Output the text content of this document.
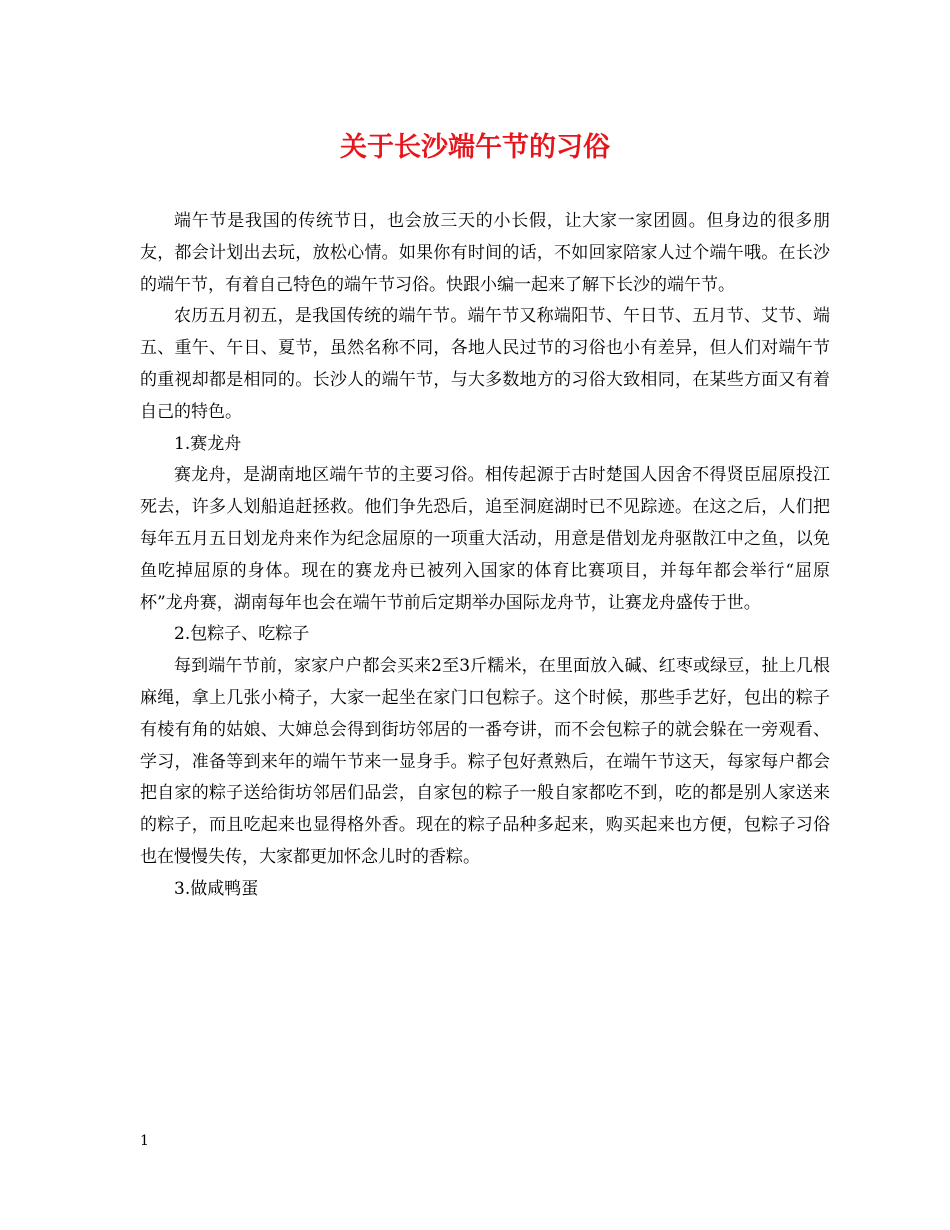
关于长沙端午节的习俗

端午节是我国的传统节日，也会放三天的小长假，让大家一家团圆。但身边的很多朋友，都会计划出去玩，放松心情。如果你有时间的话，不如回家陪家人过个端午哦。在长沙的端午节，有着自己特色的端午节习俗。快跟小编一起来了解下长沙的端午节。

农历五月初五，是我国传统的端午节。端午节又称端阳节、午日节、五月节、艾节、端五、重午、午日、夏节，虽然名称不同，各地人民过节的习俗也小有差异，但人们对端午节的重视却都是相同的。长沙人的端午节，与大多数地方的习俗大致相同，在某些方面又有着自己的特色。

1.赛龙舟

赛龙舟，是湖南地区端午节的主要习俗。相传起源于古时楚国人因舍不得贤臣屈原投江死去，许多人划船追赶拯救。他们争先恐后，追至洞庭湖时已不见踪迹。在这之后，人们把每年五月五日划龙舟来作为纪念屈原的一项重大活动，用意是借划龙舟驱散江中之鱼，以免鱼吃掉屈原的身体。现在的赛龙舟已被列入国家的体育比赛项目，并每年都会举行“屈原杯”龙舟赛，湖南每年也会在端午节前后定期举办国际龙舟节，让赛龙舟盛传于世。

2.包粽子、吃粽子

每到端午节前，家家户户都会买来2至3斤糯米，在里面放入碱、红枣或绿豆，扯上几根麻绳，拿上几张小椅子，大家一起坐在家门口包粽子。这个时候，那些手艺好，包出的粽子有棱有角的姑娘、大婶总会得到街坊邻居的一番夸讲，而不会包粽子的就会躲在一旁观看、学习，准备等到来年的端午节来一显身手。粽子包好煮熟后，在端午节这天，每家每户都会把自家的粽子送给街坊邻居们品尝，自家包的粽子一般自家都吃不到，吃的都是别人家送来的粽子，而且吃起来也显得格外香。现在的粽子品种多起来，购买起来也方便，包粽子习俗也在慢慢失传，大家都更加怀念儿时的香粽。

3.做咸鸭蛋

1
